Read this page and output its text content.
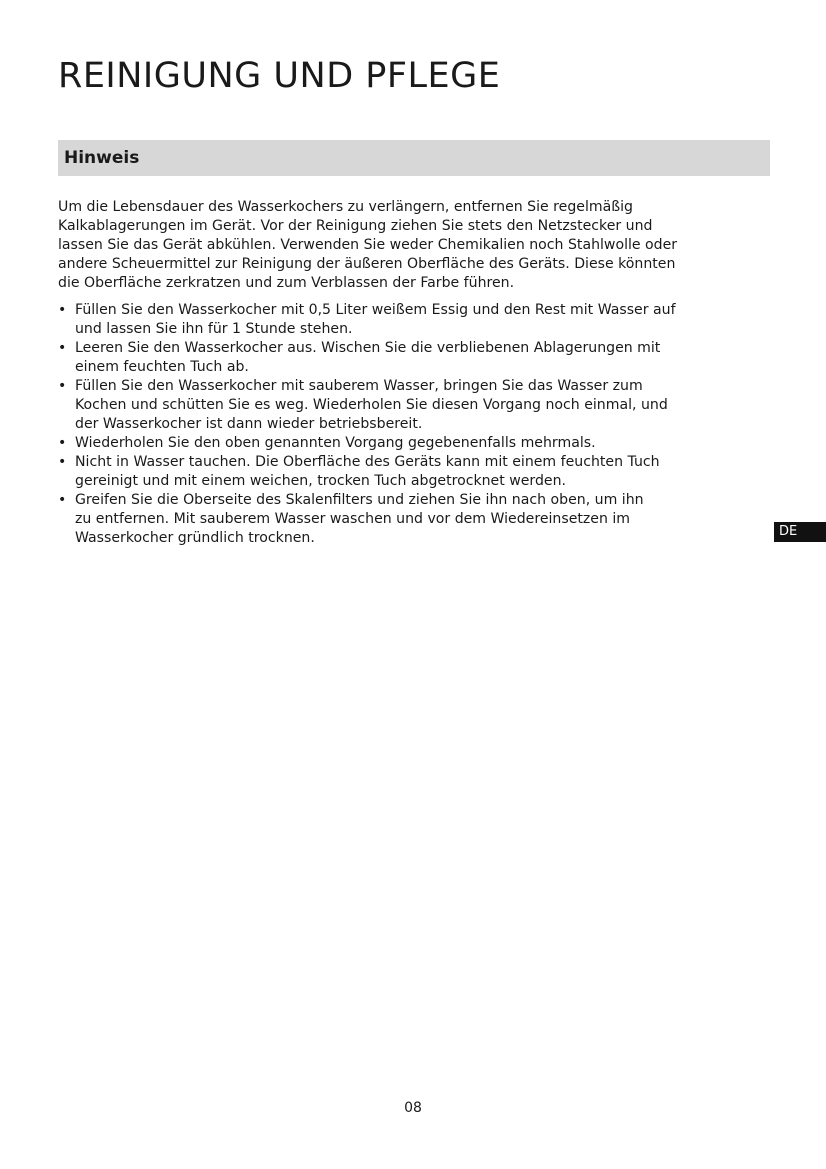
REINIGUNG UND PFLEGE
Hinweis

Um die Lebensdauer des Wasserkochers zu verlängern, entfernen Sie regelmäßig
Kalkablagerungen im Gerät. Vor der Reinigung ziehen Sie stets den Netzstecker und
lassen Sie das Gerät abkühlen. Verwenden Sie weder Chemikalien noch Stahlwolle oder
andere Scheuermittel zur Reinigung der äußeren Oberfläche des Geräts. Diese könnten
die Oberfläche zerkratzen und zum Verblassen der Farbe führen.

• Füllen Sie den Wasserkocher mit 0,5 Liter weißem Essig und den Rest mit Wasser auf
und lassen Sie ihn für 1 Stunde stehen.
• Leeren Sie den Wasserkocher aus. Wischen Sie die verbliebenen Ablagerungen mit
einem feuchten Tuch ab.
• Füllen Sie den Wasserkocher mit sauberem Wasser, bringen Sie das Wasser zum
Kochen und schütten Sie es weg. Wiederholen Sie diesen Vorgang noch einmal, und
der Wasserkocher ist dann wieder betriebsbereit.
• Wiederholen Sie den oben genannten Vorgang gegebenenfalls mehrmals.
• Nicht in Wasser tauchen. Die Oberfläche des Geräts kann mit einem feuchten Tuch
gereinigt und mit einem weichen, trocken Tuch abgetrocknet werden.
• Greifen Sie die Oberseite des Skalenfilters und ziehen Sie ihn nach oben, um ihn
zu entfernen. Mit sauberem Wasser waschen und vor dem Wiedereinsetzen im
Wasserkocher gründlich trocknen.	DE
08
